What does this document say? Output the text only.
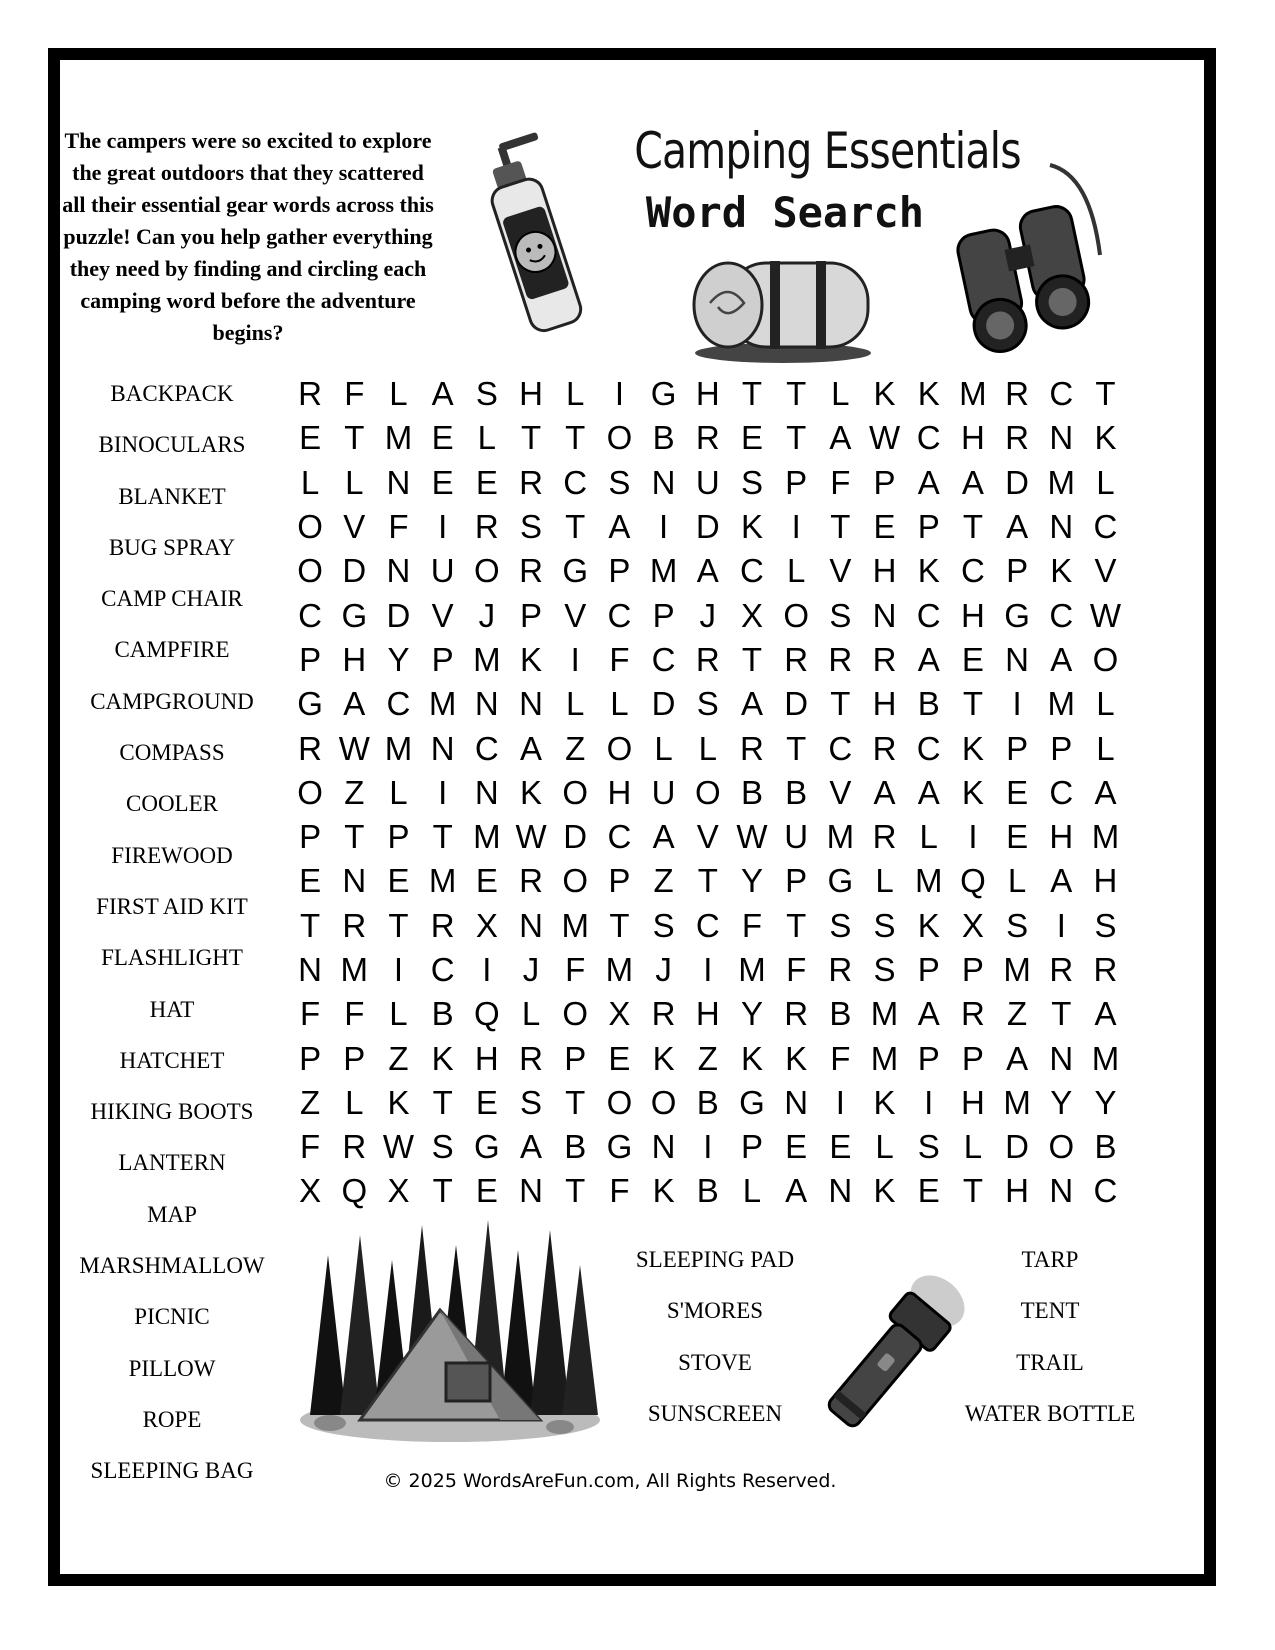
The campers were so excited to explore the great outdoors that they scattered all their essential gear words across this puzzle! Can you help gather everything they need by finding and circling each camping word before the adventure begins?
Camping Essentials
Word Search
BACKPACK
BINOCULARS
BLANKET
BUG SPRAY
CAMP CHAIR
CAMPFIRE
CAMPGROUND
COMPASS
COOLER
FIREWOOD
FIRST AID KIT
FLASHLIGHT
HAT
HATCHET
HIKING BOOTS
LANTERN
MAP
MARSHMALLOW
PICNIC
PILLOW
ROPE
SLEEPING BAG
R F L A S H L I G H T T L K K M R C T
E T M E L T T O B R E T A W C H R N K
L L N E E R C S N U S P F P A A D M L
O V F I R S T A I D K I T E P T A N C
O D N U O R G P M A C L V H K C P K V
C G D V J P V C P J X O S N C H G C W
P H Y P M K I F C R T R R R A E N A O
G A C M N N L L D S A D T H B T I M L
R W M N C A Z O L L R T C R C K P P L
O Z L I N K O H U O B B V A A K E C A
P T P T M W D C A V W U M R L I E H M
E N E M E R O P Z T Y P G L M Q L A H
T R T R X N M T S C F T S S K X S I S
N M I C I J F M J I M F R S P P M R R
F F L B Q L O X R H Y R B M A R Z T A
P P Z K H R P E K Z K K F M P P A N M
Z L K T E S T O O B G N I K I H M Y Y
F R W S G A B G N I P E E L S L D O B
X Q X T E N T F K B L A N K E T H N C
SLEEPING PAD
S'MORES
STOVE
SUNSCREEN
TARP
TENT
TRAIL
WATER BOTTLE
© 2025 WordsAreFun.com, All Rights Reserved.
